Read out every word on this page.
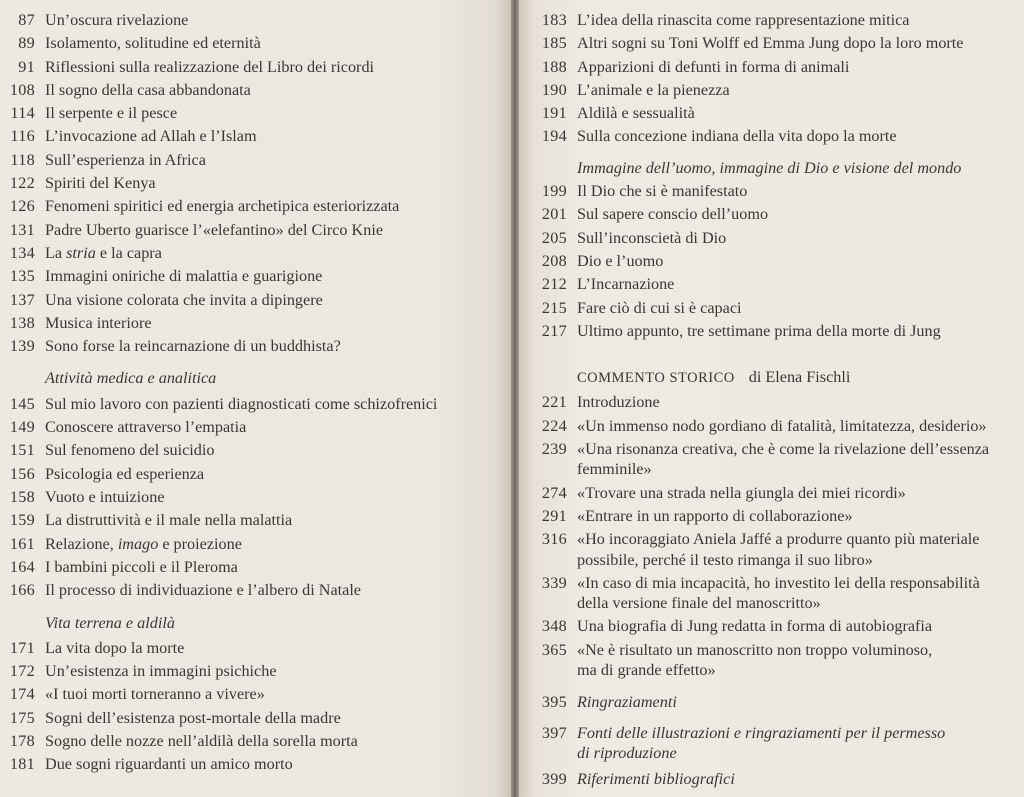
87 Un’oscura rivelazione
89 Isolamento, solitudine ed eternità
91 Riflessioni sulla realizzazione del Libro dei ricordi
108 Il sogno della casa abbandonata
114 Il serpente e il pesce
116 L’invocazione ad Allah e l’Islam
118 Sull’esperienza in Africa
122 Spiriti del Kenya
126 Fenomeni spiritici ed energia archetipica esteriorizzata
131 Padre Uberto guarisce l’«elefantino» del Circo Knie
134 La stria e la capra
135 Immagini oniriche di malattia e guarigione
137 Una visione colorata che invita a dipingere
138 Musica interiore
139 Sono forse la reincarnazione di un buddhista?
Attività medica e analitica
145 Sul mio lavoro con pazienti diagnosticati come schizofrenici
149 Conoscere attraverso l’empatia
151 Sul fenomeno del suicidio
156 Psicologia ed esperienza
158 Vuoto e intuizione
159 La distruttività e il male nella malattia
161 Relazione, imago e proiezione
164 I bambini piccoli e il Pleroma
166 Il processo di individuazione e l’albero di Natale
Vita terrena e aldilà
171 La vita dopo la morte
172 Un’esistenza in immagini psichiche
174 «I tuoi morti torneranno a vivere»
175 Sogni dell’esistenza post-mortale della madre
178 Sogno delle nozze nell’aldilà della sorella morta
181 Due sogni riguardanti un amico morto
183 L’idea della rinascita come rappresentazione mitica
185 Altri sogni su Toni Wolff ed Emma Jung dopo la loro morte
188 Apparizioni di defunti in forma di animali
190 L’animale e la pienezza
191 Aldilà e sessualità
194 Sulla concezione indiana della vita dopo la morte
Immagine dell’uomo, immagine di Dio e visione del mondo
199 Il Dio che si è manifestato
201 Sul sapere conscio dell’uomo
205 Sull’inconscietà di Dio
208 Dio e l’uomo
212 L’Incarnazione
215 Fare ciò di cui si è capaci
217 Ultimo appunto, tre settimane prima della morte di Jung
COMMENTO STORICO di Elena Fischli
221 Introduzione
224 «Un immenso nodo gordiano di fatalità, limitatezza, desiderio»
239 «Una risonanza creativa, che è come la rivelazione dell’essenza
femminile»
274 «Trovare una strada nella giungla dei miei ricordi»
291 «Entrare in un rapporto di collaborazione»
316 «Ho incoraggiato Aniela Jaffé a produrre quanto più materiale
possibile, perché il testo rimanga il suo libro»
339 «In caso di mia incapacità, ho investito lei della responsabilità
della versione finale del manoscritto»
348 Una biografia di Jung redatta in forma di autobiografia
365 «Ne è risultato un manoscritto non troppo voluminoso,
ma di grande effetto»
395 Ringraziamenti
397 Fonti delle illustrazioni e ringraziamenti per il permesso
di riproduzione
399 Riferimenti bibliografici
